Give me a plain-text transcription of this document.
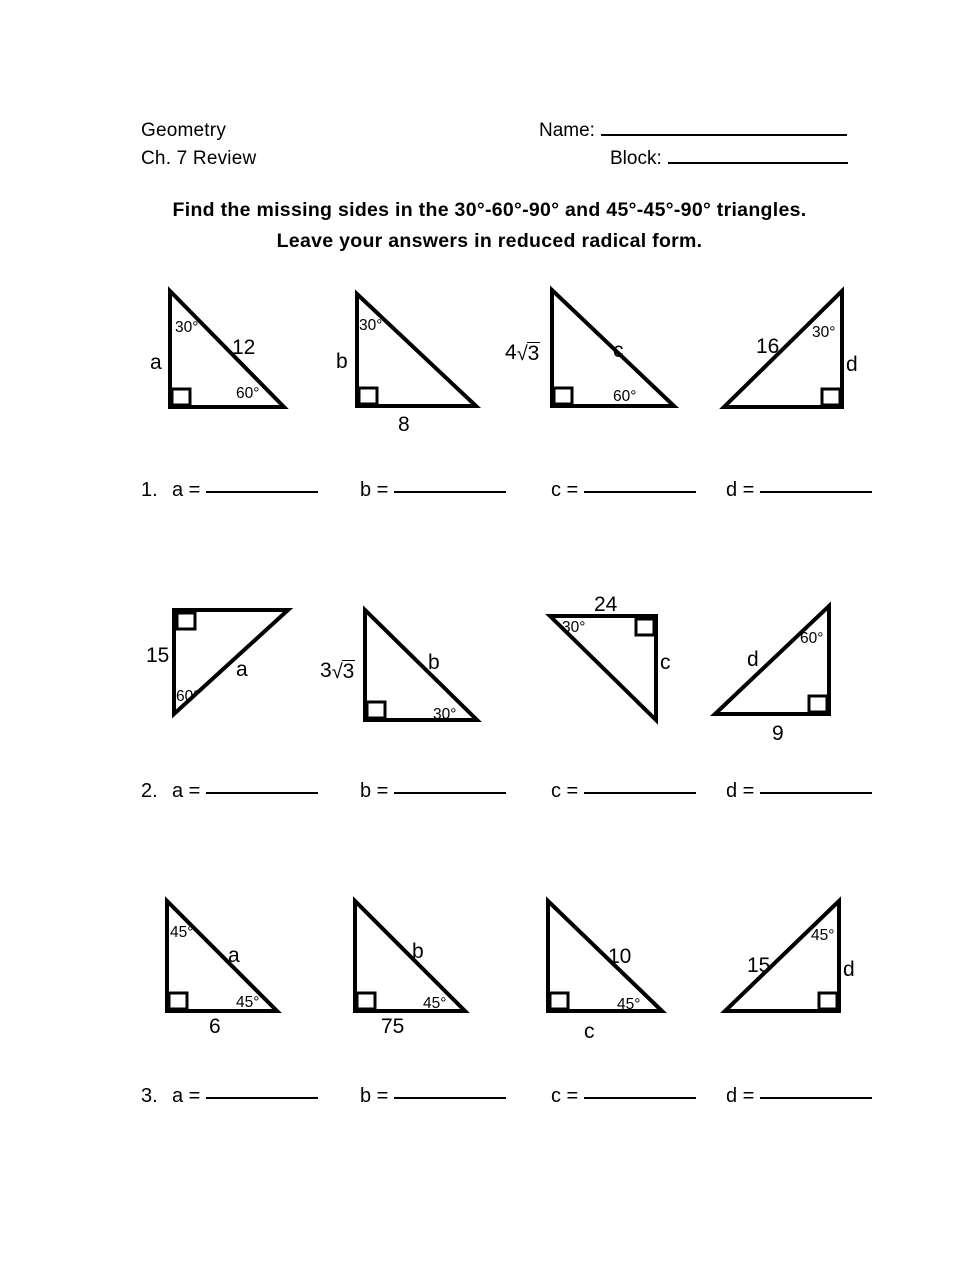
Geometry
Ch. 7 Review
Name:
Block:
Find the missing sides in the 30°-60°-90° and 45°-45°-90° triangles.
Leave your answers in reduced radical form.
30°
60°
12
a
30°
b
8
4√3	c
60°
30°
16
d
1. a =	b =	c =	d =
15
60°
a	3√3	b
30°
24
30°
c
60°
d
9
2. a =	b =	c =	d =
45°
a
45°
6
b
45°
75
10
45°
c
45°
15	d
3. a =	b =	c =	d =
